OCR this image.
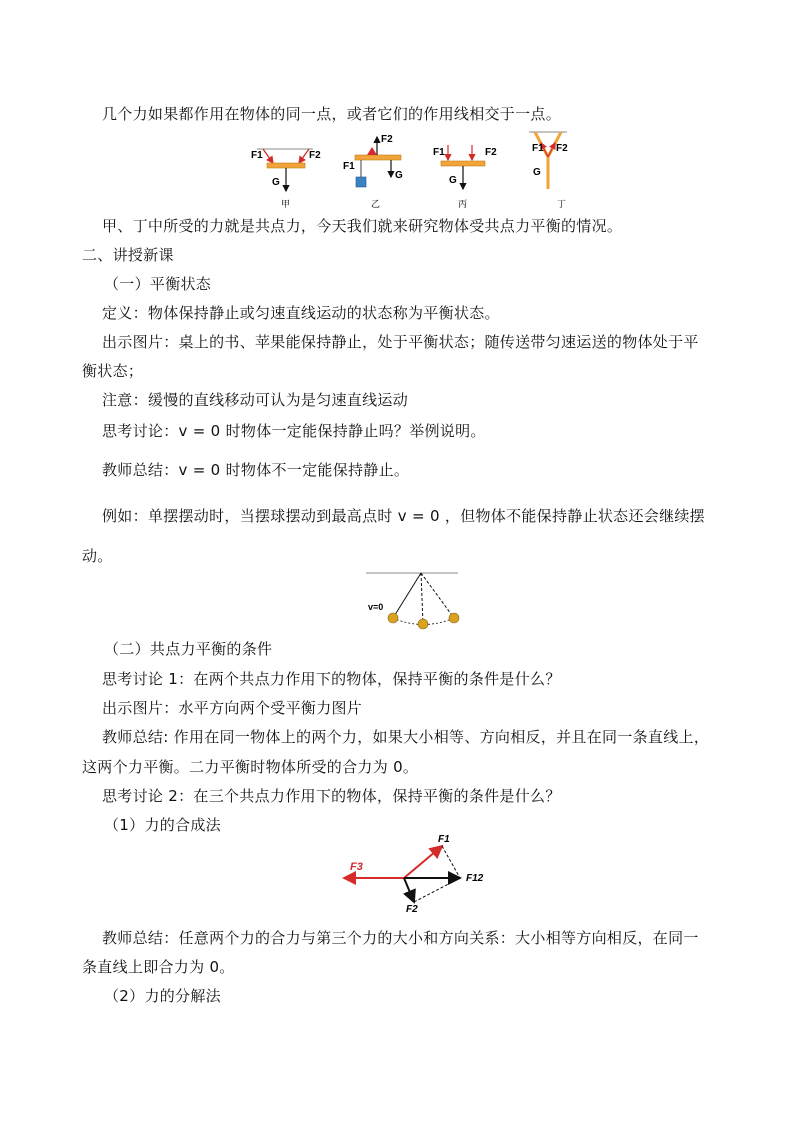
几个力如果都作用在物体的同一点，或者它们的作用线相交于一点。
F1	F2
G
甲
F2
F1
G
乙
F1	F2
G
丙
F1 F2
G
丁
甲、丁中所受的力就是共点力，今天我们就来研究物体受共点力平衡的情况。
二、讲授新课
（一）平衡状态
定义：物体保持静止或匀速直线运动的状态称为平衡状态。
出示图片：桌上的书、苹果能保持静止，处于平衡状态；随传送带匀速运送的物体处于平
衡状态；
注意：缓慢的直线移动可认为是匀速直线运动
思考讨论：v = 0 时物体一定能保持静止吗？举例说明。
教师总结：v = 0 时物体不一定能保持静止。
例如：单摆摆动时，当摆球摆动到最高点时 v = 0 ，但物体不能保持静止状态还会继续摆
动。
v=0
（二）共点力平衡的条件
思考讨论 1：在两个共点力作用下的物体，保持平衡的条件是什么？
出示图片：水平方向两个受平衡力图片
教师总结: 作用在同一物体上的两个力，如果大小相等、方向相反，并且在同一条直线上，
这两个力平衡。二力平衡时物体所受的合力为 0。
思考讨论 2：在三个共点力作用下的物体，保持平衡的条件是什么？
（1）力的合成法
F3
F1
F12
F2
教师总结：任意两个力的合力与第三个力的大小和方向关系：大小相等方向相反，在同一
条直线上即合力为 0。
（2）力的分解法
